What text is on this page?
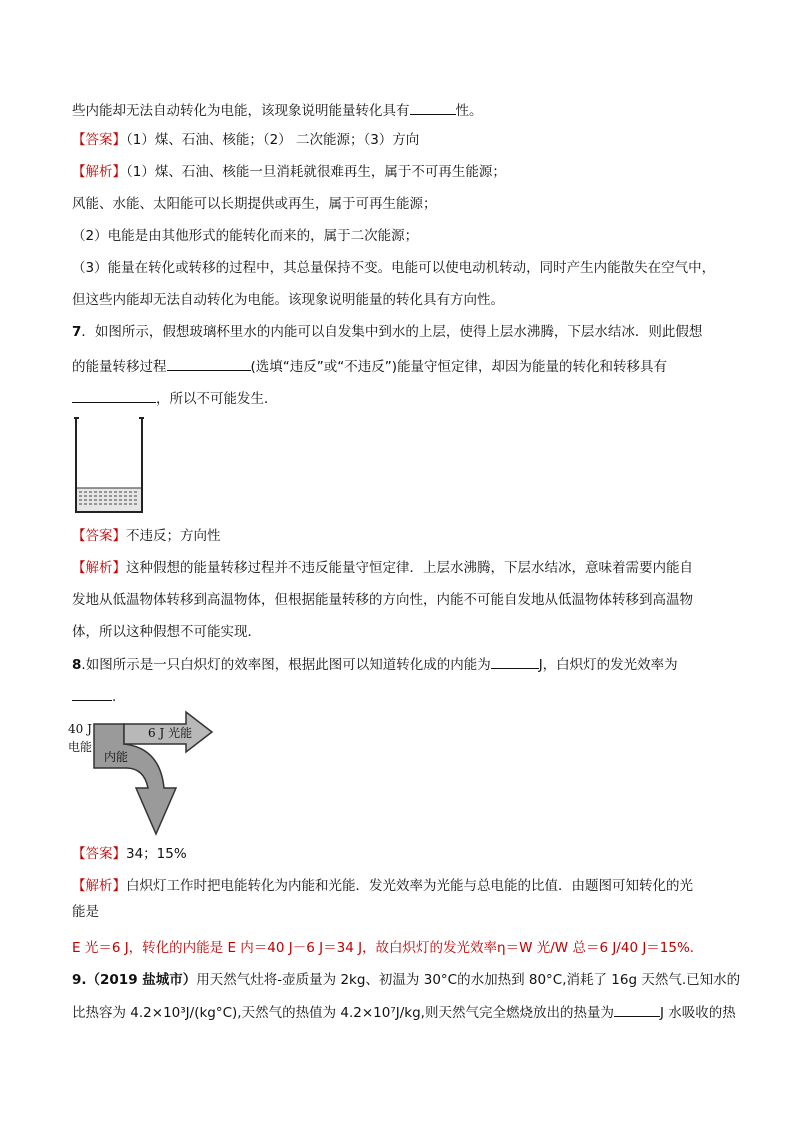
些内能却无法自动转化为电能，该现象说明能量转化具有	性。
【答案】（1）煤、石油、核能；（2） 二次能源；（3）方向
【解析】（1）煤、石油、核能一旦消耗就很难再生，属于不可再生能源；
风能、水能、太阳能可以长期提供或再生，属于可再生能源；
（2）电能是由其他形式的能转化而来的，属于二次能源；
（3）能量在转化或转移的过程中，其总量保持不变。电能可以使电动机转动，同时产生内能散失在空气中，
但这些内能却无法自动转化为电能。该现象说明能量的转化具有方向性。
7．如图所示，假想玻璃杯里水的内能可以自发集中到水的上层，使得上层水沸腾，下层水结冰．则此假想
的能量转移过程	(选填“违反”或“不违反”)能量守恒定律，却因为能量的转化和转移具有
，所以不可能发生．
【答案】不违反；方向性
【解析】这种假想的能量转移过程并不违反能量守恒定律．上层水沸腾，下层水结冰，意味着需要内能自
发地从低温物体转移到高温物体，但根据能量转移的方向性，内能不可能自发地从低温物体转移到高温物
体，所以这种假想不可能实现．
8.如图所示是一只白炽灯的效率图，根据此图可以知道转化成的内能为	J，白炽灯的发光效率为
.
40 J
电能
6 J 光能
内能
【答案】34；15%
【解析】白炽灯工作时把电能转化为内能和光能．发光效率为光能与总电能的比值．由题图可知转化的光
能是
E 光＝6 J，转化的内能是 E 内＝40 J－6 J＝34 J，故白炽灯的发光效率η＝W 光/W 总＝6 J/40 J＝15%.
9.（2019 盐城市）用天然气灶将-壶质量为 2kg、初温为 30°C的水加热到 80°C,消耗了 16g 天然气.已知水的
比热容为 4.2×10³J/(kg°C),天然气的热值为 4.2×10⁷J/kg,则天然气完全燃烧放出的热量为	J 水吸收的热
